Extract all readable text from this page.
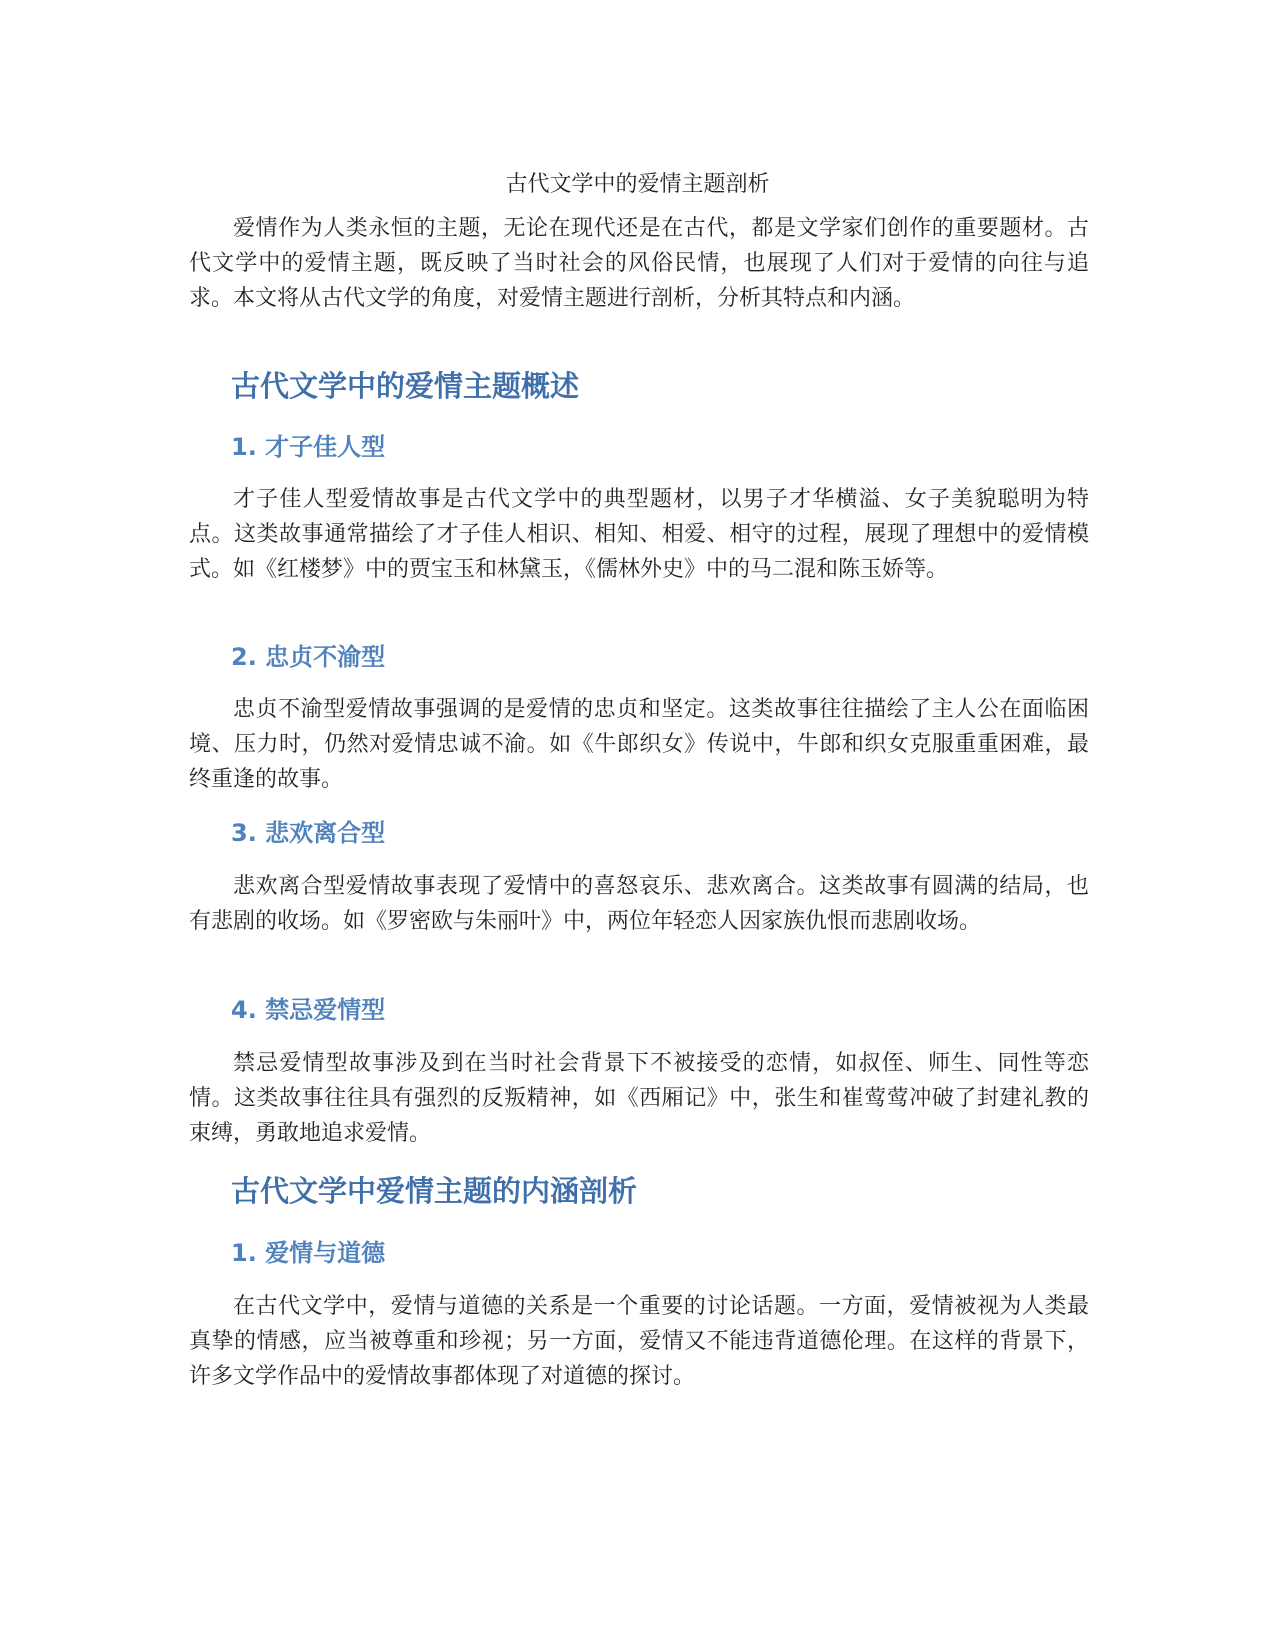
古代文学中的爱情主题剖析

爱情作为人类永恒的主题，无论在现代还是在古代，都是文学家们创作的重要题材。古代文学中的爱情主题，既反映了当时社会的风俗民情，也展现了人们对于爱情的向往与追求。本文将从古代文学的角度，对爱情主题进行剖析，分析其特点和内涵。

古代文学中的爱情主题概述
1. 才子佳人型

才子佳人型爱情故事是古代文学中的典型题材，以男子才华横溢、女子美貌聪明为特点。这类故事通常描绘了才子佳人相识、相知、相爱、相守的过程，展现了理想中的爱情模式。如《红楼梦》中的贾宝玉和林黛玉，《儒林外史》中的马二混和陈玉娇等。

2. 忠贞不渝型

忠贞不渝型爱情故事强调的是爱情的忠贞和坚定。这类故事往往描绘了主人公在面临困境、压力时，仍然对爱情忠诚不渝。如《牛郎织女》传说中，牛郎和织女克服重重困难，最终重逢的故事。

3. 悲欢离合型

悲欢离合型爱情故事表现了爱情中的喜怒哀乐、悲欢离合。这类故事有圆满的结局，也有悲剧的收场。如《罗密欧与朱丽叶》中，两位年轻恋人因家族仇恨而悲剧收场。

4. 禁忌爱情型

禁忌爱情型故事涉及到在当时社会背景下不被接受的恋情，如叔侄、师生、同性等恋情。这类故事往往具有强烈的反叛精神，如《西厢记》中，张生和崔莺莺冲破了封建礼教的束缚，勇敢地追求爱情。

古代文学中爱情主题的内涵剖析
1. 爱情与道德

在古代文学中，爱情与道德的关系是一个重要的讨论话题。一方面，爱情被视为人类最真挚的情感，应当被尊重和珍视；另一方面，爱情又不能违背道德伦理。在这样的背景下，许多文学作品中的爱情故事都体现了对道德的探讨。
